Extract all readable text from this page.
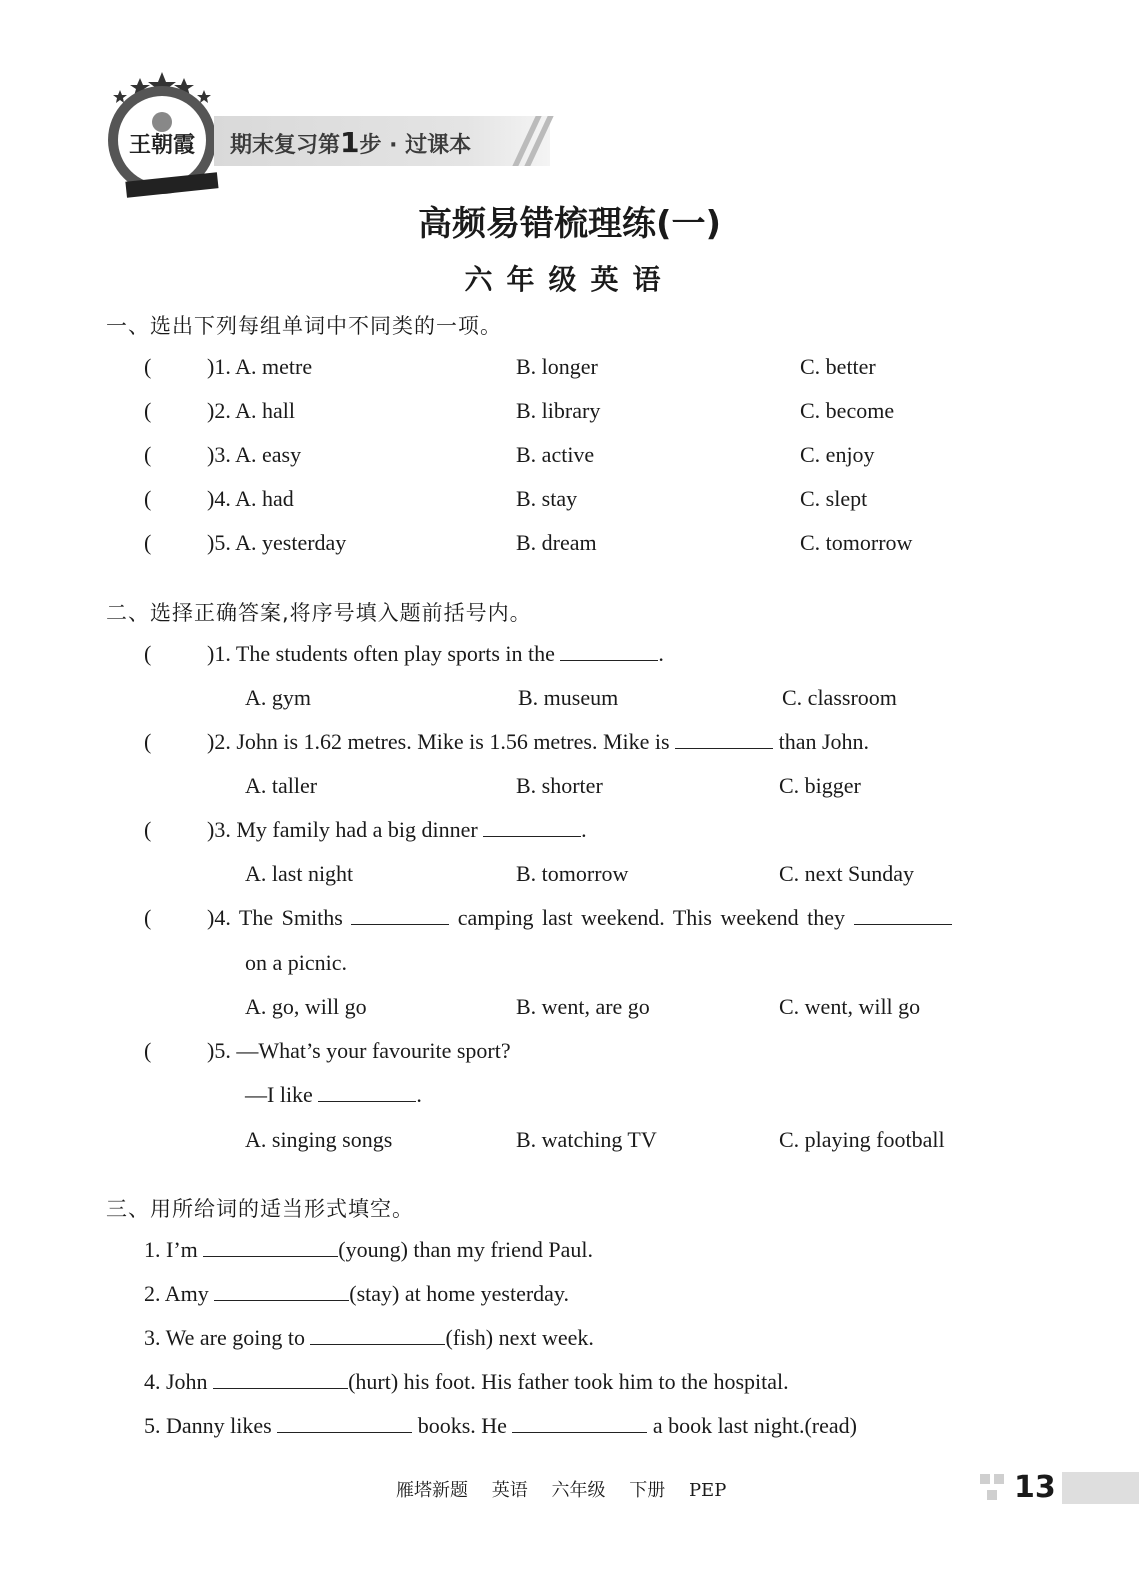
王朝霞 期末复习第1步 · 过课本
高频易错梳理练(一)
六年级英语
一、选出下列每组单词中不同类的一项。
(	)1. A. metre	B. longer	C. better
(	)2. A. hall	B. library	C. become
(	)3. A. easy	B. active	C. enjoy
(	)4. A. had	B. stay	C. slept
(	)5. A. yesterday	B. dream	C. tomorrow
二、选择正确答案,将序号填入题前括号内。
(	)1. The students often play sports in the	.
A. gym	B. museum	C. classroom
(	)2. John is 1.62 metres. Mike is 1.56 metres. Mike is	than John.
A. taller	B. shorter	C. bigger
(	)3. My family had a big dinner	.
A. last night	B. tomorrow	C. next Sunday
(	)4. The Smiths	camping last weekend. This weekend they
on a picnic.
A. go, will go	B. went, are go	C. went, will go
(	)5. —What’s your favourite sport?
—I like	.
A. singing songs	B. watching TV	C. playing football
三、用所给词的适当形式填空。
1. I’m	(young) than my friend Paul.
2. Amy	(stay) at home yesterday.
3. We are going to	(fish) next week.
4. John	(hurt) his foot. His father took him to the hospital.
5. Danny likes	books. He	a book last night.(read)
雁塔新题 英语 六年级 下册 PEP	13
